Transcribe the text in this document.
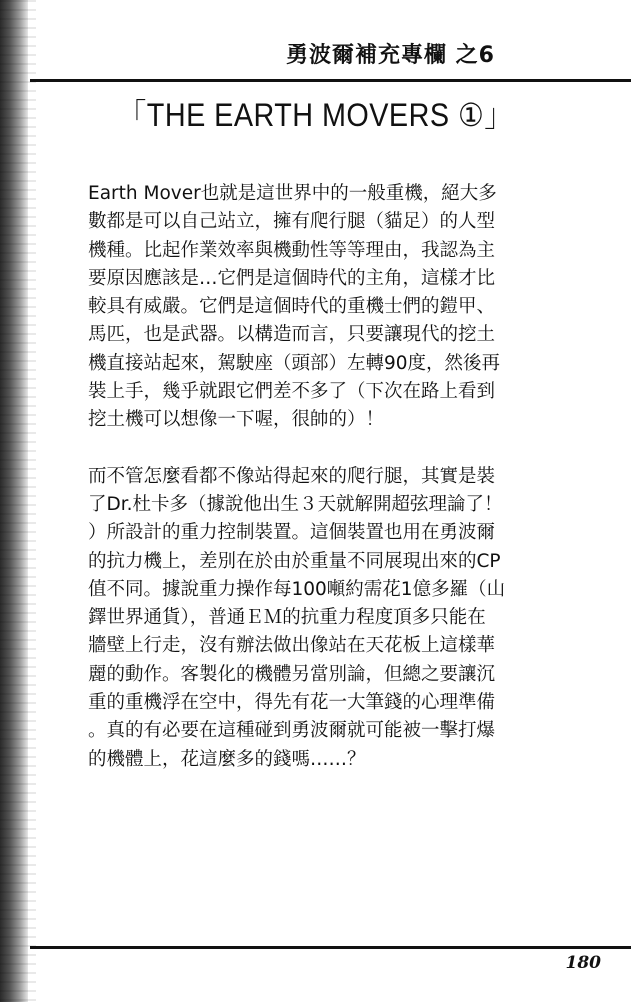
勇波爾補充專欄 之6
「THE EARTH MOVERS ①」

Earth Mover也就是這世界中的一般重機，絕大多
數都是可以自己站立，擁有爬行腿（貓足）的人型
機種。比起作業效率與機動性等等理由，我認為主
要原因應該是…它們是這個時代的主角，這樣才比
較具有威嚴。它們是這個時代的重機士們的鎧甲、
馬匹，也是武器。以構造而言，只要讓現代的挖土
機直接站起來，駕駛座（頭部）左轉90度，然後再
裝上手，幾乎就跟它們差不多了（下次在路上看到
挖土機可以想像一下喔，很帥的）！

而不管怎麼看都不像站得起來的爬行腿，其實是裝
了Dr.杜卡多（據說他出生３天就解開超弦理論了！
）所設計的重力控制裝置。這個裝置也用在勇波爾
的抗力機上，差別在於由於重量不同展現出來的CP
值不同。據說重力操作每100噸約需花1億多羅（山
鐸世界通貨），普通ＥＭ的抗重力程度頂多只能在
牆壁上行走，沒有辦法做出像站在天花板上這樣華
麗的動作。客製化的機體另當別論，但總之要讓沉
重的重機浮在空中，得先有花一大筆錢的心理準備
。真的有必要在這種碰到勇波爾就可能被一擊打爆
的機體上，花這麼多的錢嗎……？

180
